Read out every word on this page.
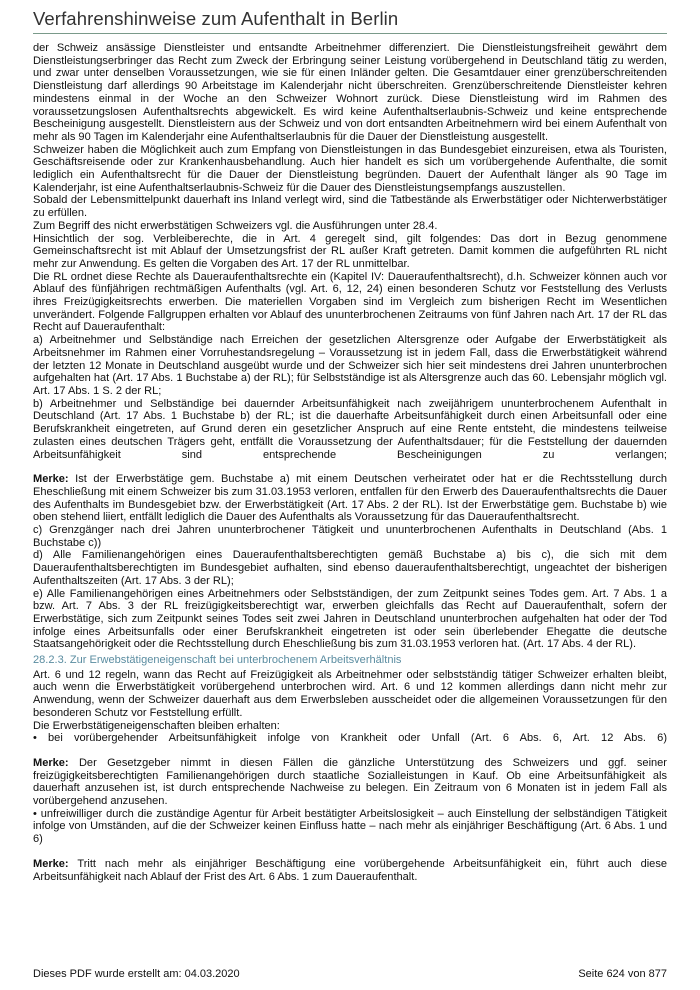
Verfahrenshinweise zum Aufenthalt in Berlin

der Schweiz ansässige Dienstleister und entsandte Arbeitnehmer differenziert. Die Dienstleistungsfreiheit gewährt dem Dienstleistungserbringer das Recht zum Zweck der Erbringung seiner Leistung vorübergehend in Deutschland tätig zu werden, und zwar unter denselben Voraussetzungen, wie sie für einen Inländer gelten. Die Gesamtdauer einer grenzüberschreitenden Dienstleistung darf allerdings 90 Arbeitstage im Kalenderjahr nicht überschreiten. Grenzüberschreitende Dienstleister kehren mindestens einmal in der Woche an den Schweizer Wohnort zurück. Diese Dienstleistung wird im Rahmen des voraussetzungslosen Aufenthaltsrechts abgewickelt. Es wird keine Aufenthaltserlaubnis-Schweiz und keine entsprechende Bescheinigung ausgestellt. Dienstleistern aus der Schweiz und von dort entsandten Arbeitnehmern wird bei einem Aufenthalt von mehr als 90 Tagen im Kalenderjahr eine Aufenthaltserlaubnis für die Dauer der Dienstleistung ausgestellt.

Schweizer haben die Möglichkeit auch zum Empfang von Dienstleistungen in das Bundesgebiet einzureisen, etwa als Touristen, Geschäftsreisende oder zur Krankenhausbehandlung. Auch hier handelt es sich um vorübergehende Aufenthalte, die somit lediglich ein Aufenthaltsrecht für die Dauer der Dienstleistung begründen. Dauert der Aufenthalt länger als 90 Tage im Kalenderjahr, ist eine Aufenthaltserlaubnis-Schweiz für die Dauer des Dienstleistungsempfangs auszustellen.

Sobald der Lebensmittelpunkt dauerhaft ins Inland verlegt wird, sind die Tatbestände als Erwerbstätiger oder Nichterwerbstätiger zu erfüllen.

Zum Begriff des nicht erwerbstätigen Schweizers vgl. die Ausführungen unter 28.4.

Hinsichtlich der sog. Verbleiberechte, die in Art. 4 geregelt sind, gilt folgendes: Das dort in Bezug genommene Gemeinschaftsrecht ist mit Ablauf der Umsetzungsfrist der RL außer Kraft getreten. Damit kommen die aufgeführten RL nicht mehr zur Anwendung. Es gelten die Vorgaben des Art. 17 der RL unmittelbar.

Die RL ordnet diese Rechte als Daueraufenthaltsrechte ein (Kapitel IV: Daueraufenthaltsrecht), d.h. Schweizer können auch vor Ablauf des fünfjährigen rechtmäßigen Aufenthalts (vgl. Art. 6, 12, 24) einen besonderen Schutz vor Feststellung des Verlusts ihres Freizügigkeitsrechts erwerben. Die materiellen Vorgaben sind im Vergleich zum bisherigen Recht im Wesentlichen unverändert. Folgende Fallgruppen erhalten vor Ablauf des ununterbrochenen Zeitraums von fünf Jahren nach Art. 17 der RL das Recht auf Daueraufenthalt:

a) Arbeitnehmer und Selbständige nach Erreichen der gesetzlichen Altersgrenze oder Aufgabe der Erwerbstätigkeit als Arbeitsnehmer im Rahmen einer Vorruhestandsregelung – Voraussetzung ist in jedem Fall, dass die Erwerbstätigkeit während der letzten 12 Monate in Deutschland ausgeübt wurde und der Schweizer sich hier seit mindestens drei Jahren ununterbrochen aufgehalten hat (Art. 17 Abs. 1 Buchstabe a) der RL); für Selbstständige ist als Altersgrenze auch das 60. Lebensjahr möglich vgl. Art. 17 Abs. 1 S. 2 der RL;

b) Arbeitnehmer und Selbständige bei dauernder Arbeitsunfähigkeit nach zweijährigem ununterbrochenem Aufenthalt in Deutschland (Art. 17 Abs. 1 Buchstabe b) der RL; ist die dauerhafte Arbeitsunfähigkeit durch einen Arbeitsunfall oder eine Berufskrankheit eingetreten, auf Grund deren ein gesetzlicher Anspruch auf eine Rente entsteht, die mindestens teilweise zulasten eines deutschen Trägers geht, entfällt die Voraussetzung der Aufenthaltsdauer; für die Feststellung der dauernden Arbeitsunfähigkeit sind entsprechende Bescheinigungen zu verlangen;

Merke: Ist der Erwerbstätige gem. Buchstabe a) mit einem Deutschen verheiratet oder hat er die Rechtsstellung durch Eheschließung mit einem Schweizer bis zum 31.03.1953 verloren, entfallen für den Erwerb des Daueraufenthaltsrechts die Dauer des Aufenthalts im Bundesgebiet bzw. der Erwerbstätigkeit (Art. 17 Abs. 2 der RL). Ist der Erwerbstätige gem. Buchstabe b) wie oben stehend liiert, entfällt lediglich die Dauer des Aufenthalts als Voraussetzung für das Daueraufenthaltsrecht.

c) Grenzgänger nach drei Jahren ununterbrochener Tätigkeit und ununterbrochenen Aufenthalts in Deutschland (Abs. 1 Buchstabe c))

d) Alle Familienangehörigen eines Daueraufenthaltsberechtigten gemäß Buchstabe a) bis c), die sich mit dem Daueraufenthaltsberechtigten im Bundesgebiet aufhalten, sind ebenso daueraufenthaltsberechtigt, ungeachtet der bisherigen Aufenthaltszeiten (Art. 17 Abs. 3 der RL);

e) Alle Familienangehörigen eines Arbeitnehmers oder Selbstständigen, der zum Zeitpunkt seines Todes gem. Art. 7 Abs. 1 a bzw. Art. 7 Abs. 3 der RL freizügigkeitsberechtigt war, erwerben gleichfalls das Recht auf Daueraufenthalt, sofern der Erwerbstätige, sich zum Zeitpunkt seines Todes seit zwei Jahren in Deutschland ununterbrochen aufgehalten hat oder der Tod infolge eines Arbeitsunfalls oder einer Berufskrankheit eingetreten ist oder sein überlebender Ehegatte die deutsche Staatsangehörigkeit oder die Rechtsstellung durch Eheschließung bis zum 31.03.1953 verloren hat. (Art. 17 Abs. 4 der RL).

28.2.3. Zur Erwebstätigeneigenschaft bei unterbrochenem Arbeitsverhältnis

Art. 6 und 12 regeln, wann das Recht auf Freizügigkeit als Arbeitnehmer oder selbstständig tätiger Schweizer erhalten bleibt, auch wenn die Erwerbstätigkeit vorübergehend unterbrochen wird. Art. 6 und 12 kommen allerdings dann nicht mehr zur Anwendung, wenn der Schweizer dauerhaft aus dem Erwerbsleben ausscheidet oder die allgemeinen Voraussetzungen für den besonderen Schutz vor Feststellung erfüllt.

Die Erwerbstätigeneigenschaften bleiben erhalten:

• bei vorübergehender Arbeitsunfähigkeit infolge von Krankheit oder Unfall (Art. 6 Abs. 6, Art. 12 Abs. 6)

Merke: Der Gesetzgeber nimmt in diesen Fällen die gänzliche Unterstützung des Schweizers und ggf. seiner freizügigkeitsberechtigten Familienangehörigen durch staatliche Sozialleistungen in Kauf. Ob eine Arbeitsunfähigkeit als dauerhaft anzusehen ist, ist durch entsprechende Nachweise zu belegen. Ein Zeitraum von 6 Monaten ist in jedem Fall als vorübergehend anzusehen.

• unfreiwilliger durch die zuständige Agentur für Arbeit bestätigter Arbeitslosigkeit – auch Einstellung der selbständigen Tätigkeit infolge von Umständen, auf die der Schweizer keinen Einfluss hatte – nach mehr als einjähriger Beschäftigung (Art. 6 Abs. 1 und 6)

Merke: Tritt nach mehr als einjähriger Beschäftigung eine vorübergehende Arbeitsunfähigkeit ein, führt auch diese Arbeitsunfähigkeit nach Ablauf der Frist des Art. 6 Abs. 1 zum Daueraufenthalt.

Dieses PDF wurde erstellt am: 04.03.2020	Seite 624 von 877
